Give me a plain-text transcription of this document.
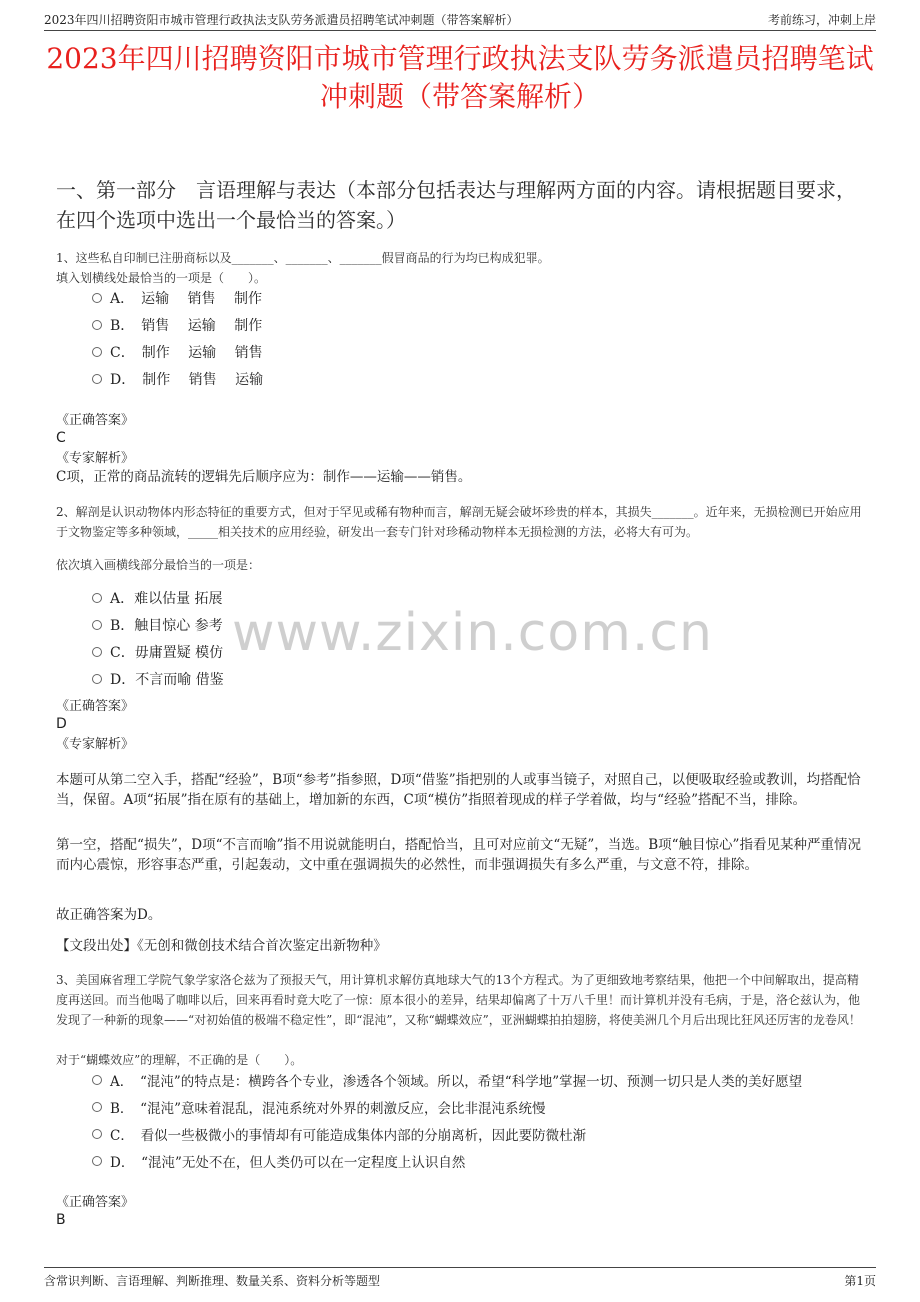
2023年四川招聘资阳市城市管理行政执法支队劳务派遣员招聘笔试冲刺题（带答案解析）	考前练习，冲刺上岸
2023年四川招聘资阳市城市管理行政执法支队劳务派遣员招聘笔试冲刺题（带答案解析）
一、第一部分　言语理解与表达（本部分包括表达与理解两方面的内容。请根据题目要求，在四个选项中选出一个最恰当的答案。）
1、这些私自印制已注册商标以及_______、_______、_______假冒商品的行为均已构成犯罪。
填入划横线处最恰当的一项是（　　）。
A．　运输　 销售　 制作
B．　销售　 运输　 制作
C．　制作　 运输　 销售
D．　制作　 销售　 运输
《正确答案》
C
《专家解析》
C项，正常的商品流转的逻辑先后顺序应为：制作——运输——销售。
2、解剖是认识动物体内形态特征的重要方式，但对于罕见或稀有物种而言，解剖无疑会破坏珍贵的样本，其损失_______。近年来，无损检测已开始应用于文物鉴定等多种领域，_____相关技术的应用经验，研发出一套专门针对珍稀动物样本无损检测的方法，必将大有可为。
依次填入画横线部分最恰当的一项是：
A．难以估量 拓展
B．触目惊心 参考
C．毋庸置疑 模仿
D．不言而喻 借鉴
www.zixin.com.cn
《正确答案》
D
《专家解析》
本题可从第二空入手，搭配“经验”，B项“参考”指参照，D项“借鉴”指把别的人或事当镜子，对照自己，以便吸取经验或教训，均搭配恰当，保留。A项“拓展”指在原有的基础上，增加新的东西，C项“模仿”指照着现成的样子学着做，均与“经验”搭配不当，排除。
第一空，搭配“损失”，D项“不言而喻”指不用说就能明白，搭配恰当，且可对应前文“无疑”，当选。B项“触目惊心”指看见某种严重情况而内心震惊，形容事态严重，引起轰动，文中重在强调损失的必然性，而非强调损失有多么严重，与文意不符，排除。
故正确答案为D。
【文段出处】《无创和微创技术结合首次鉴定出新物种》
3、美国麻省理工学院气象学家洛仑兹为了预报天气，用计算机求解仿真地球大气的13个方程式。为了更细致地考察结果，他把一个中间解取出，提高精度再送回。而当他喝了咖啡以后，回来再看时竟大吃了一惊：原本很小的差异，结果却偏离了十万八千里！而计算机并没有毛病，于是，洛仑兹认为，他发现了一种新的现象——“对初始值的极端不稳定性”，即“混沌”，又称“蝴蝶效应”，亚洲蝴蝶拍拍翅膀，将使美洲几个月后出现比狂风还厉害的龙卷风！
对于“蝴蝶效应”的理解，不正确的是（　　）。
A．　“混沌”的特点是：横跨各个专业，渗透各个领域。所以，希望“科学地”掌握一切、预测一切只是人类的美好愿望
B．　“混沌”意味着混乱，混沌系统对外界的刺激反应，会比非混沌系统慢
C．　看似一些极微小的事情却有可能造成集体内部的分崩离析，因此要防微杜渐
D．　“混沌”无处不在，但人类仍可以在一定程度上认识自然
《正确答案》
B
含常识判断、言语理解、判断推理、数量关系、资料分析等题型	第1页
